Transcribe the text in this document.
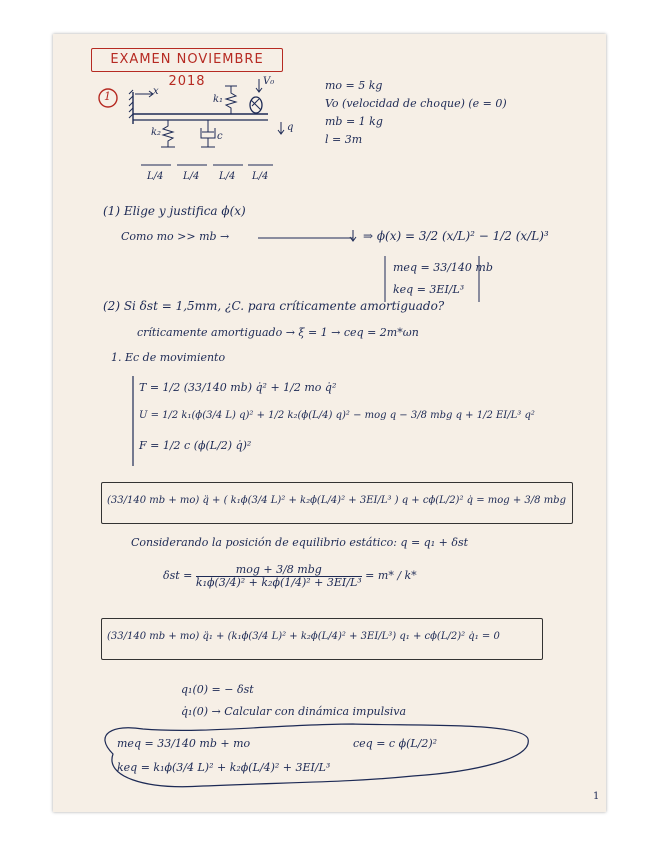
EXAMEN NOVIEMBRE 2018
1	x
k₁
V₀
k₂	c
q
L/4 L/4 L/4 L/4
mo = 5 kg
Vo (velocidad de choque) (e = 0)
mb = 1 kg
l = 3m
(1) Elige y justifica ϕ(x)
Como mo >> mb →	⇒ ϕ(x) = 3/2 (x/L)² − 1/2 (x/L)³
meq = 33/140 mb
keq = 3EI/L³
(2) Si δst = 1,5mm, ¿C. para críticamente amortiguado?
críticamente amortiguado → ξ = 1 → ceq = 2m*ωn
1. Ec de movimiento
T = 1/2 (33/140 mb) q̇² + 1/2 mo q̇²
U = 1/2 k₁(ϕ(3/4 L) q)² + 1/2 k₂(ϕ(L/4) q)² − mog q − 3/8 mbg q + 1/2 EI/L³ q²
F = 1/2 c (ϕ(L/2) q̇)²
(33/140 mb + mo) q̈ + ( k₁ϕ(3/4 L)² + k₂ϕ(L/4)² + 3EI/L³ ) q + cϕ(L/2)² q̇ = mog + 3/8 mbg
Considerando la posición de equilibrio estático: q = q₁ + δst
$\delta st = \frac{\text{mog + 3/8 mbg}}{\text{k₁ϕ(3/4)² + k₂ϕ(1/4)² + 3EI/L³}} = m* / k*$
(33/140 mb + mo) q̈₁ + (k₁ϕ(3/4 L)² + k₂ϕ(L/4)² + 3EI/L³) q₁ + cϕ(L/2)² q̇₁ = 0
q₁(0) = − δst
q̇₁(0) → Calcular con dinámica impulsiva
meq = 33/140 mb + mo	ceq = c ϕ(L/2)²
keq = k₁ϕ(3/4 L)² + k₂ϕ(L/4)² + 3EI/L³
1
